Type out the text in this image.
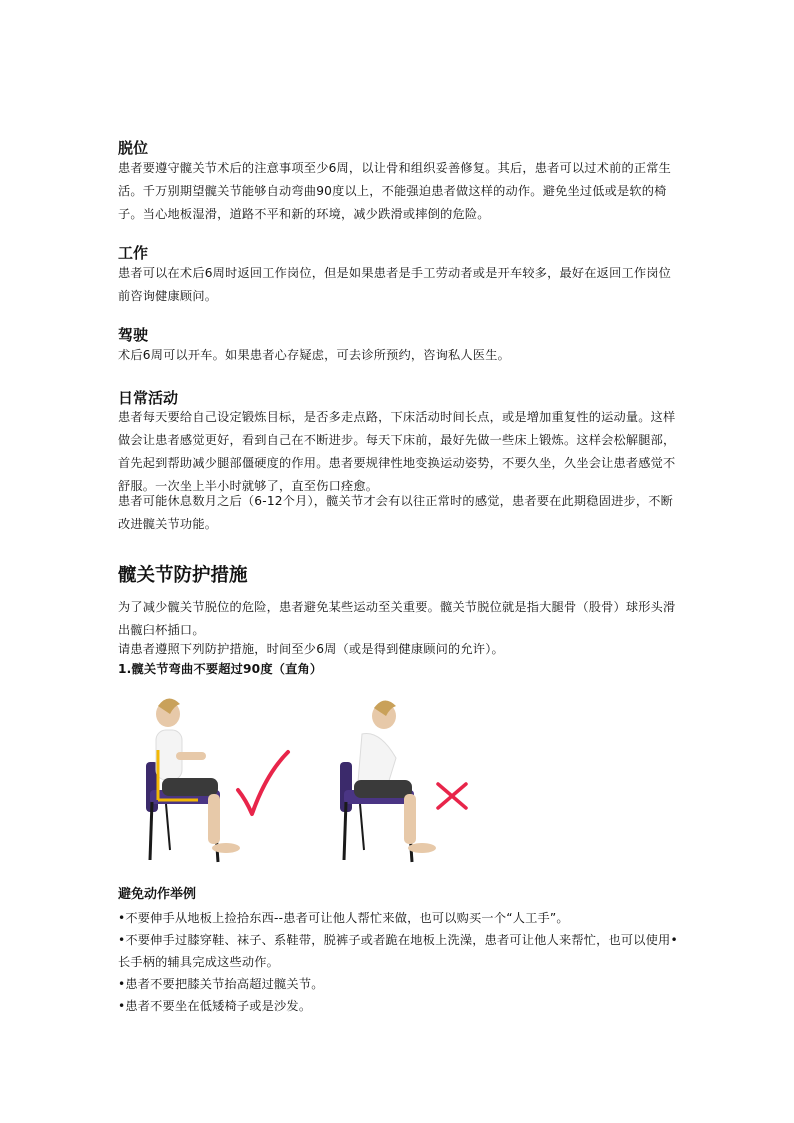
脱位

患者要遵守髋关节术后的注意事项至少6周，以让骨和组织妥善修复。其后，患者可以过术前的正常生活。千万别期望髋关节能够自动弯曲90度以上，不能强迫患者做这样的动作。避免坐过低或是软的椅子。当心地板湿滑，道路不平和新的环境，减少跌滑或摔倒的危险。

工作

患者可以在术后6周时返回工作岗位，但是如果患者是手工劳动者或是开车较多，最好在返回工作岗位前咨询健康顾问。

驾驶

术后6周可以开车。如果患者心存疑虑，可去诊所预约，咨询私人医生。

日常活动

患者每天要给自己设定锻炼目标，是否多走点路，下床活动时间长点，或是增加重复性的运动量。这样做会让患者感觉更好，看到自己在不断进步。每天下床前，最好先做一些床上锻炼。这样会松解腿部，首先起到帮助减少腿部僵硬度的作用。患者要规律性地变换运动姿势，不要久坐，久坐会让患者感觉不舒服。一次坐上半小时就够了，直至伤口痊愈。

患者可能休息数月之后（6-12个月），髋关节才会有以往正常时的感觉，患者要在此期稳固进步，不断改进髋关节功能。

髋关节防护措施

为了减少髋关节脱位的危险，患者避免某些运动至关重要。髋关节脱位就是指大腿骨（股骨）球形头滑出髋臼杯插口。

请患者遵照下列防护措施，时间至少6周（或是得到健康顾问的允许）。

1.髋关节弯曲不要超过90度（直角）

避免动作举例

•不要伸手从地板上捡拾东西--患者可让他人帮忙来做，也可以购买一个“人工手”。

•不要伸手过膝穿鞋、袜子、系鞋带，脱裤子或者跪在地板上洗澡，患者可让他人来帮忙，也可以使用•长手柄的辅具完成这些动作。

•患者不要把膝关节抬高超过髋关节。

•患者不要坐在低矮椅子或是沙发。
